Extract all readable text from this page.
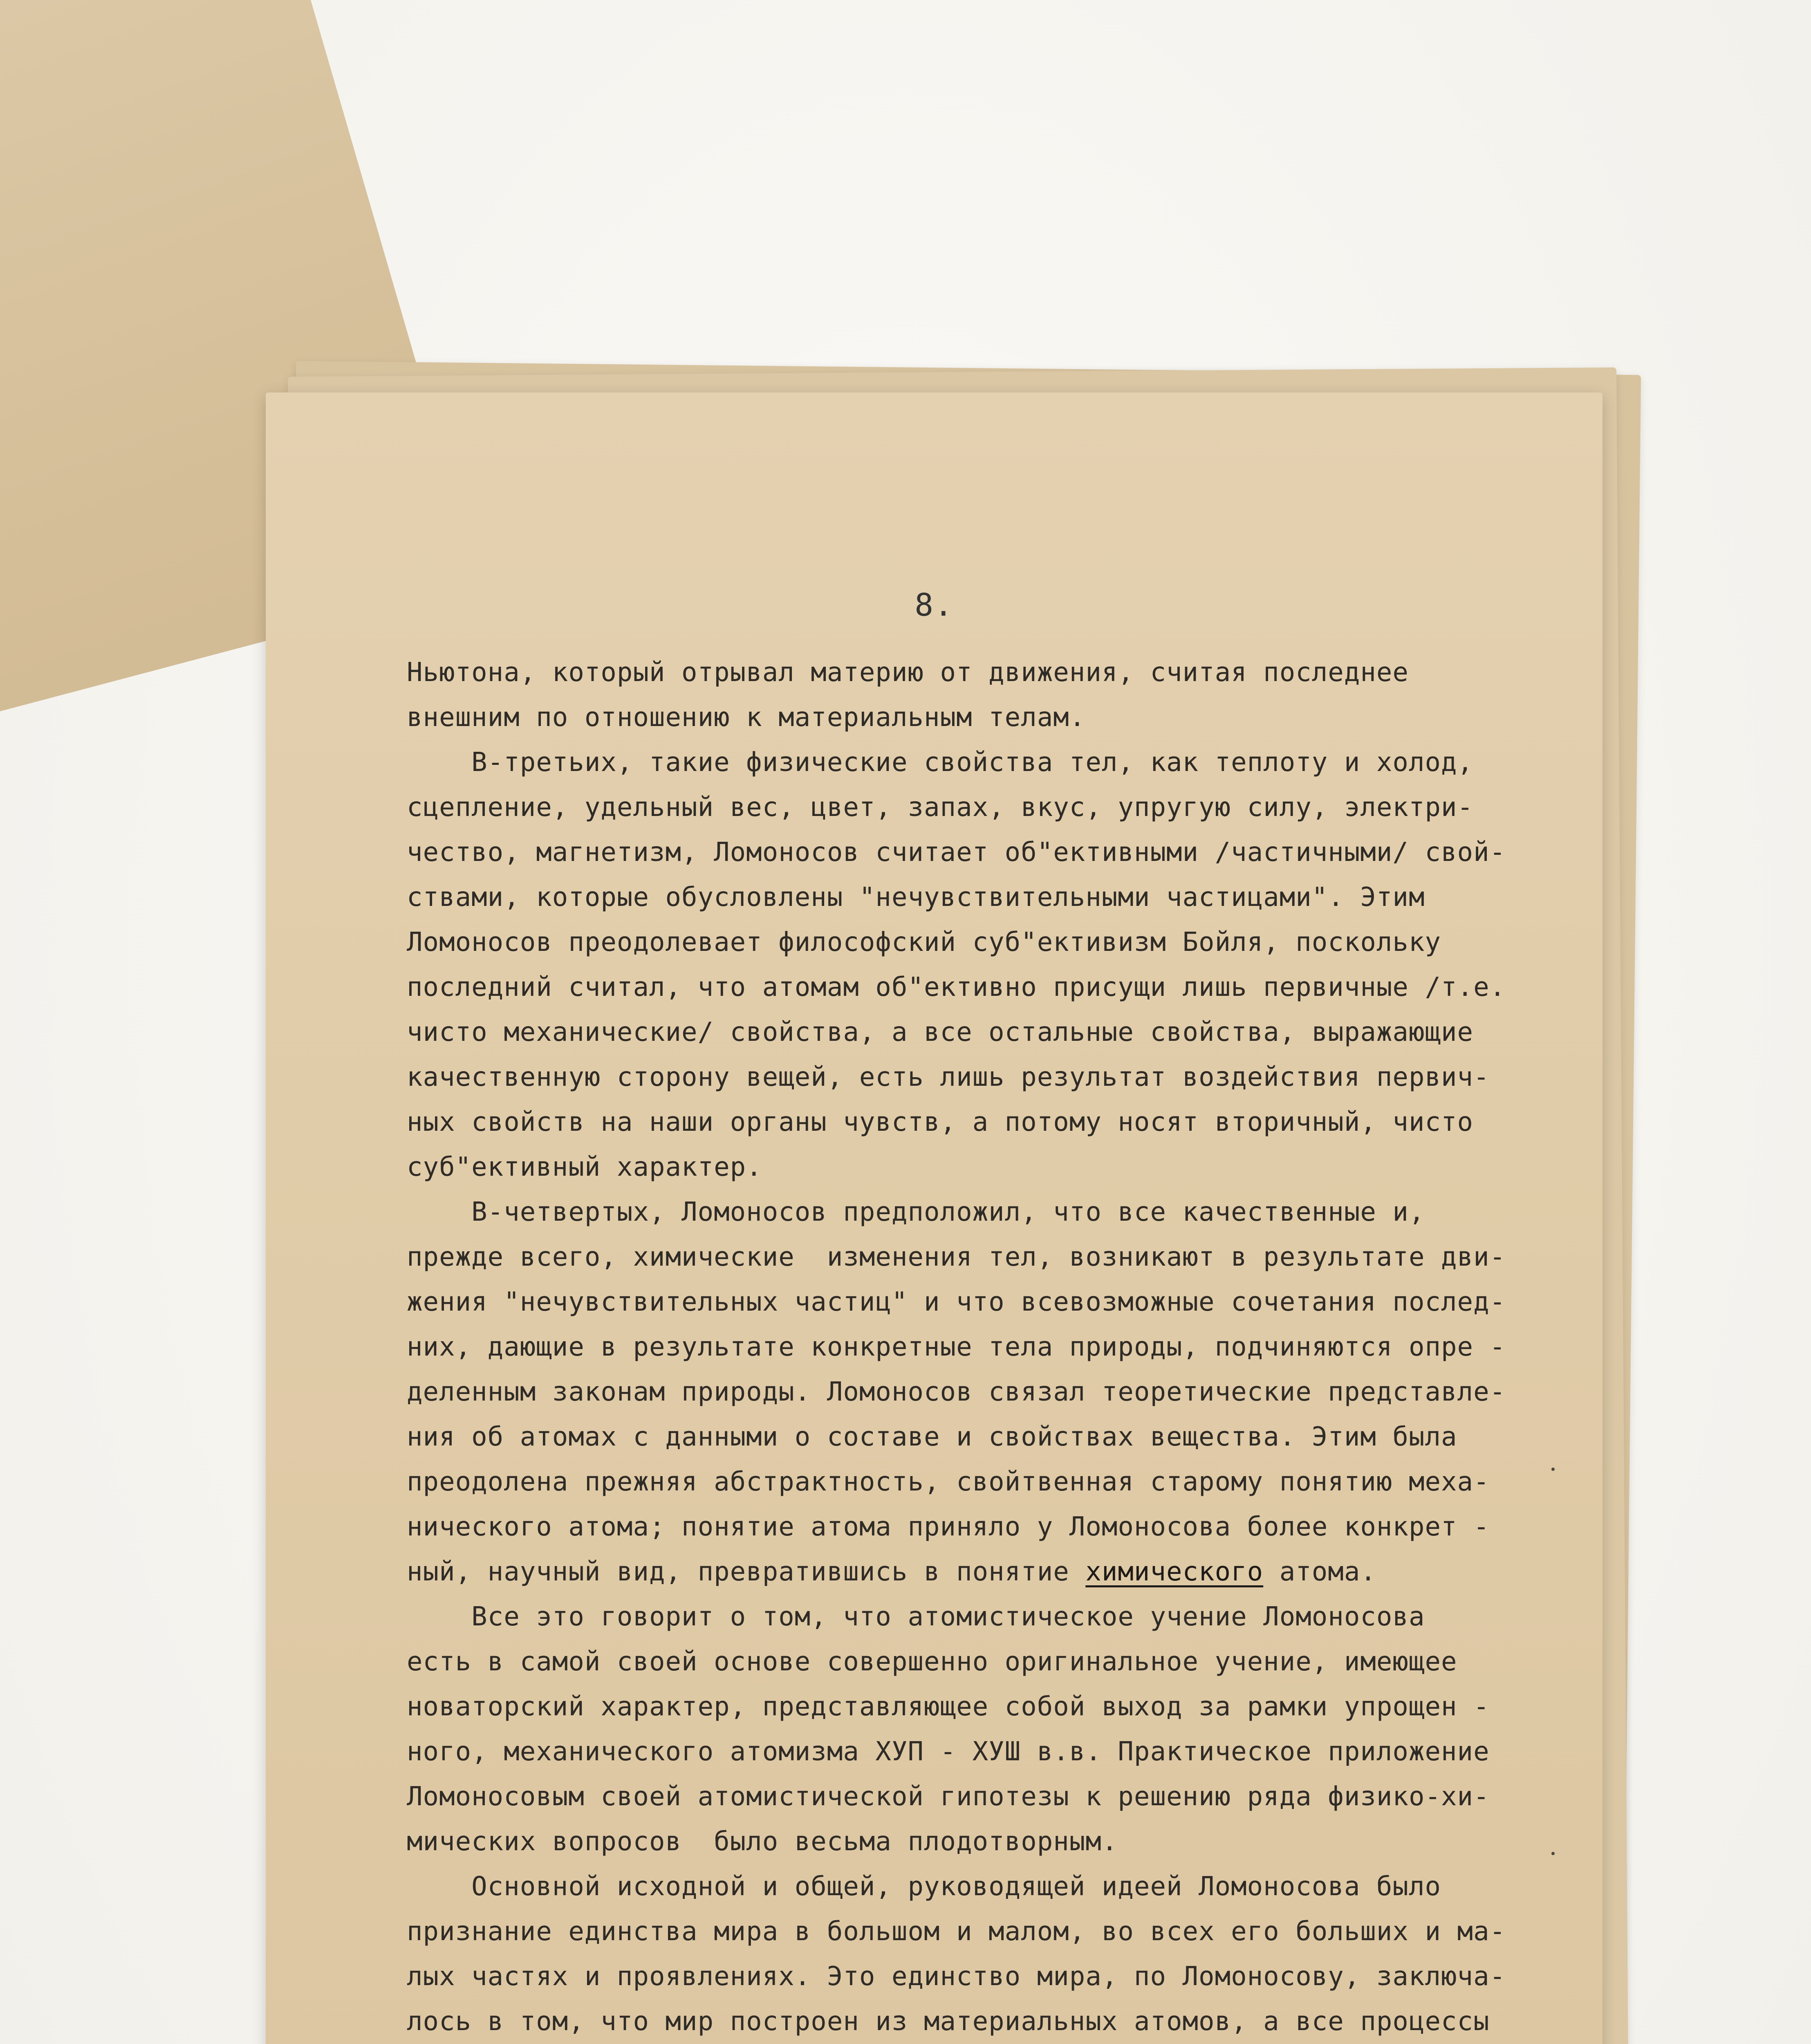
8.
Ньютона, который отрывал материю от движения, считая последнее
внешним по отношению к материальным телам.
В-третьих, такие физические свойства тел, как теплоту и холод,
сцепление, удельный вес, цвет, запах, вкус, упругую силу, электри-
чество, магнетизм, Ломоносов считает об"ективными /частичными/ свой-
ствами, которые обусловлены "нечувствительными частицами". Этим
Ломоносов преодолевает философский суб"ективизм Бойля, поскольку
последний считал, что атомам об"ективно присущи лишь первичные /т.е.
чисто механические/ свойства, а все остальные свойства, выражающие
качественную сторону вещей, есть лишь результат воздействия первич-
ных свойств на наши органы чувств, а потому носят вторичный, чисто
суб"ективный характер.
В-четвертых, Ломоносов предположил, что все качественные и,
прежде всего, химические  изменения тел, возникают в результате дви-
жения "нечувствительных частиц" и что всевозможные сочетания послед-
них, дающие в результате конкретные тела природы, подчиняются опре -
деленным законам природы. Ломоносов связал теоретические представле-
ния об атомах с данными о составе и свойствах вещества. Этим была
преодолена прежняя абстрактность, свойтвенная старому понятию меха-
нического атома; понятие атома приняло у Ломоносова более конкрет -
ный, научный вид, превратившись в понятие химического атома.
Все это говорит о том, что атомистическое учение Ломоносова
есть в самой своей основе совершенно оригинальное учение, имеющее
новаторский характер, представляющее собой выход за рамки упрощен -
ного, механического атомизма ХУП - ХУШ в.в. Практическое приложение
Ломоносовым своей атомистической гипотезы к решению ряда физико-хи-
мических вопросов  было весьма плодотворным.
Основной исходной и общей, руководящей идеей Ломоносова было
признание единства мира в большом и малом, во всех его больших и ма-
лых частях и проявлениях. Это единство мира, по Ломоносову, заключа-
лось в том, что мир построен из материальных атомов, а все процессы
